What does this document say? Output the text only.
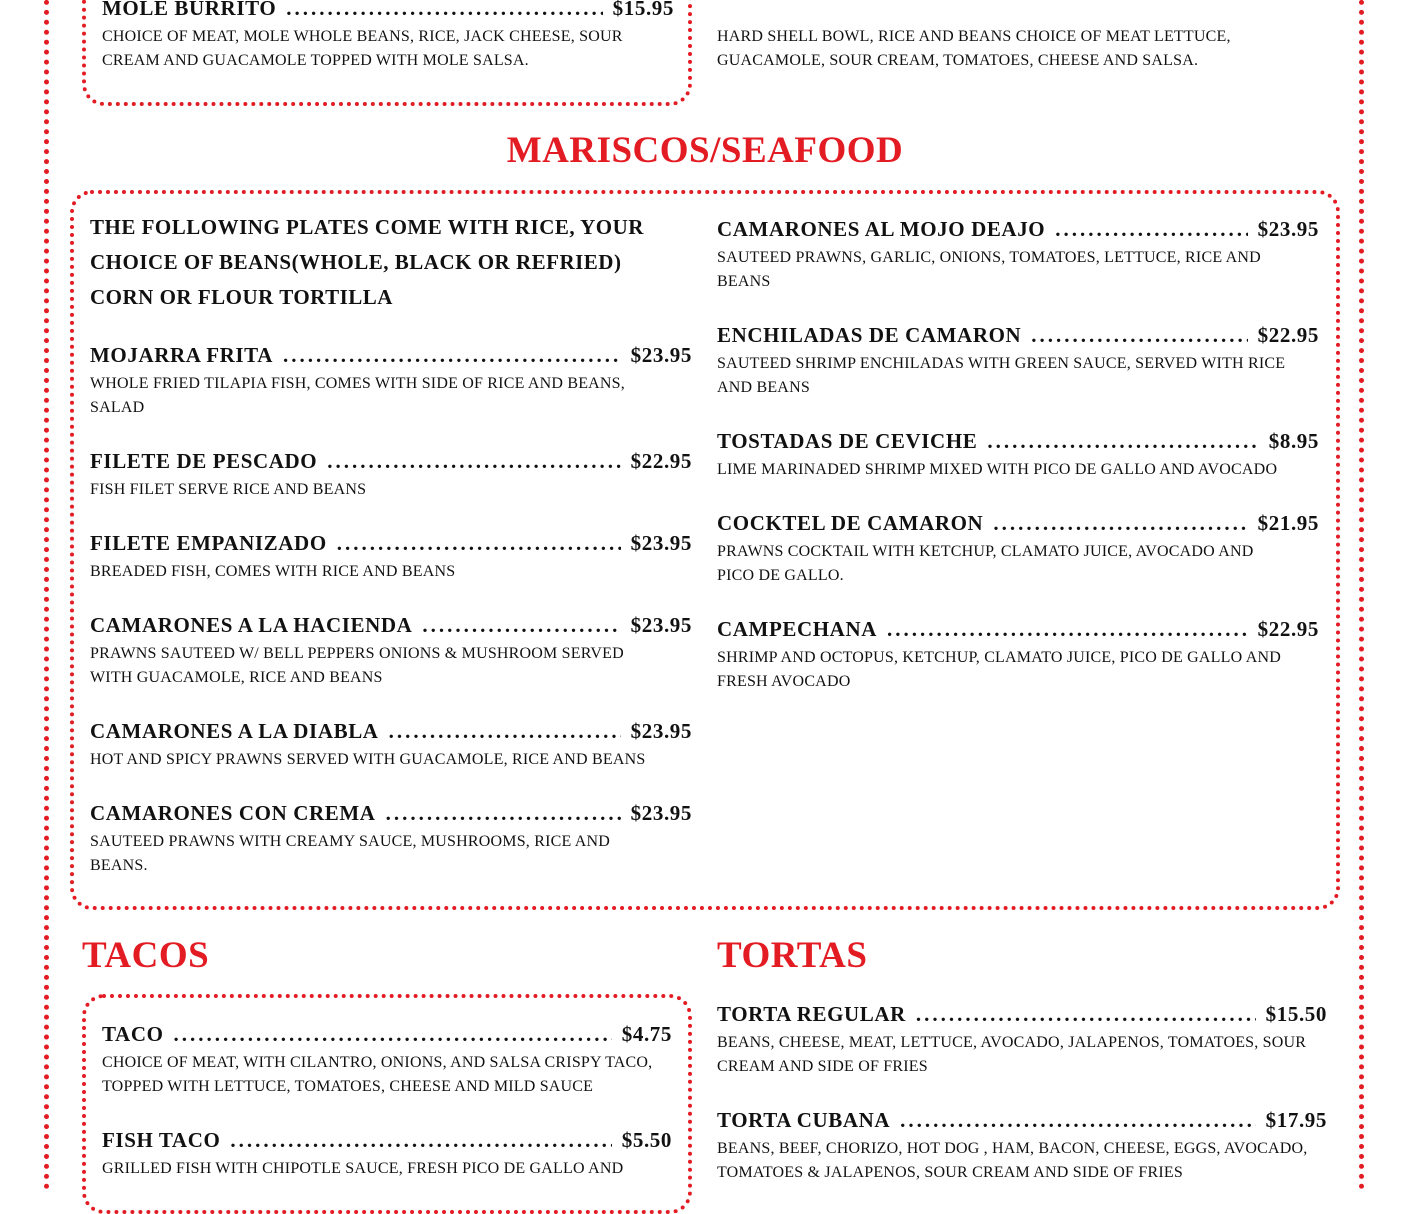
MOLE BURRITO .....	$15.95
CHOICE OF MEAT, MOLE WHOLE BEANS, RICE, JACK CHEESE, SOUR CREAM AND GUACAMOLE TOPPED WITH MOLE SALSA.
HARD SHELL BOWL, RICE AND BEANS CHOICE OF MEAT LETTUCE, GUACAMOLE, SOUR CREAM, TOMATOES, CHEESE AND SALSA.
MARISCOS/SEAFOOD
THE FOLLOWING PLATES COME WITH RICE, YOUR CHOICE OF BEANS(WHOLE, BLACK OR REFRIED) CORN OR FLOUR TORTILLA
MOJARRA FRITA .....	$23.95
WHOLE FRIED TILAPIA FISH, COMES WITH SIDE OF RICE AND BEANS, SALAD
FILETE DE PESCADO .....	$22.95
FISH FILET SERVE RICE AND BEANS
FILETE EMPANIZADO .....	$23.95
BREADED FISH, COMES WITH RICE AND BEANS
CAMARONES A LA HACIENDA .....	$23.95
PRAWNS SAUTEED W/ BELL PEPPERS ONIONS & MUSHROOM SERVED WITH GUACAMOLE, RICE AND BEANS
CAMARONES A LA DIABLA .....	$23.95
HOT AND SPICY PRAWNS SERVED WITH GUACAMOLE, RICE AND BEANS
CAMARONES CON CREMA .....	$23.95
SAUTEED PRAWNS WITH CREAMY SAUCE, MUSHROOMS, RICE AND BEANS.
CAMARONES AL MOJO DEAJO .....	$23.95
SAUTEED PRAWNS, GARLIC, ONIONS, TOMATOES, LETTUCE, RICE AND BEANS
ENCHILADAS DE CAMARON .....	$22.95
SAUTEED SHRIMP ENCHILADAS WITH GREEN SAUCE, SERVED WITH RICE AND BEANS
TOSTADAS DE CEVICHE .....	$8.95
LIME MARINADED SHRIMP MIXED WITH PICO DE GALLO AND AVOCADO
COCKTEL DE CAMARON .....	$21.95
PRAWNS COCKTAIL WITH KETCHUP, CLAMATO JUICE, AVOCADO AND PICO DE GALLO.
CAMPECHANA .....	$22.95
SHRIMP AND OCTOPUS, KETCHUP, CLAMATO JUICE, PICO DE GALLO AND FRESH AVOCADO
TACOS
TACO .....	$4.75
CHOICE OF MEAT, WITH CILANTRO, ONIONS, AND SALSA CRISPY TACO, TOPPED WITH LETTUCE, TOMATOES, CHEESE AND MILD SAUCE
FISH TACO .....	$5.50
GRILLED FISH WITH CHIPOTLE SAUCE, FRESH PICO DE GALLO AND
TORTAS
TORTA REGULAR .....	$15.50
BEANS, CHEESE, MEAT, LETTUCE, AVOCADO, JALAPENOS, TOMATOES, SOUR CREAM AND SIDE OF FRIES
TORTA CUBANA .....	$17.95
BEANS, BEEF, CHORIZO, HOT DOG , HAM, BACON, CHEESE, EGGS, AVOCADO, TOMATOES & JALAPENOS, SOUR CREAM AND SIDE OF FRIES
